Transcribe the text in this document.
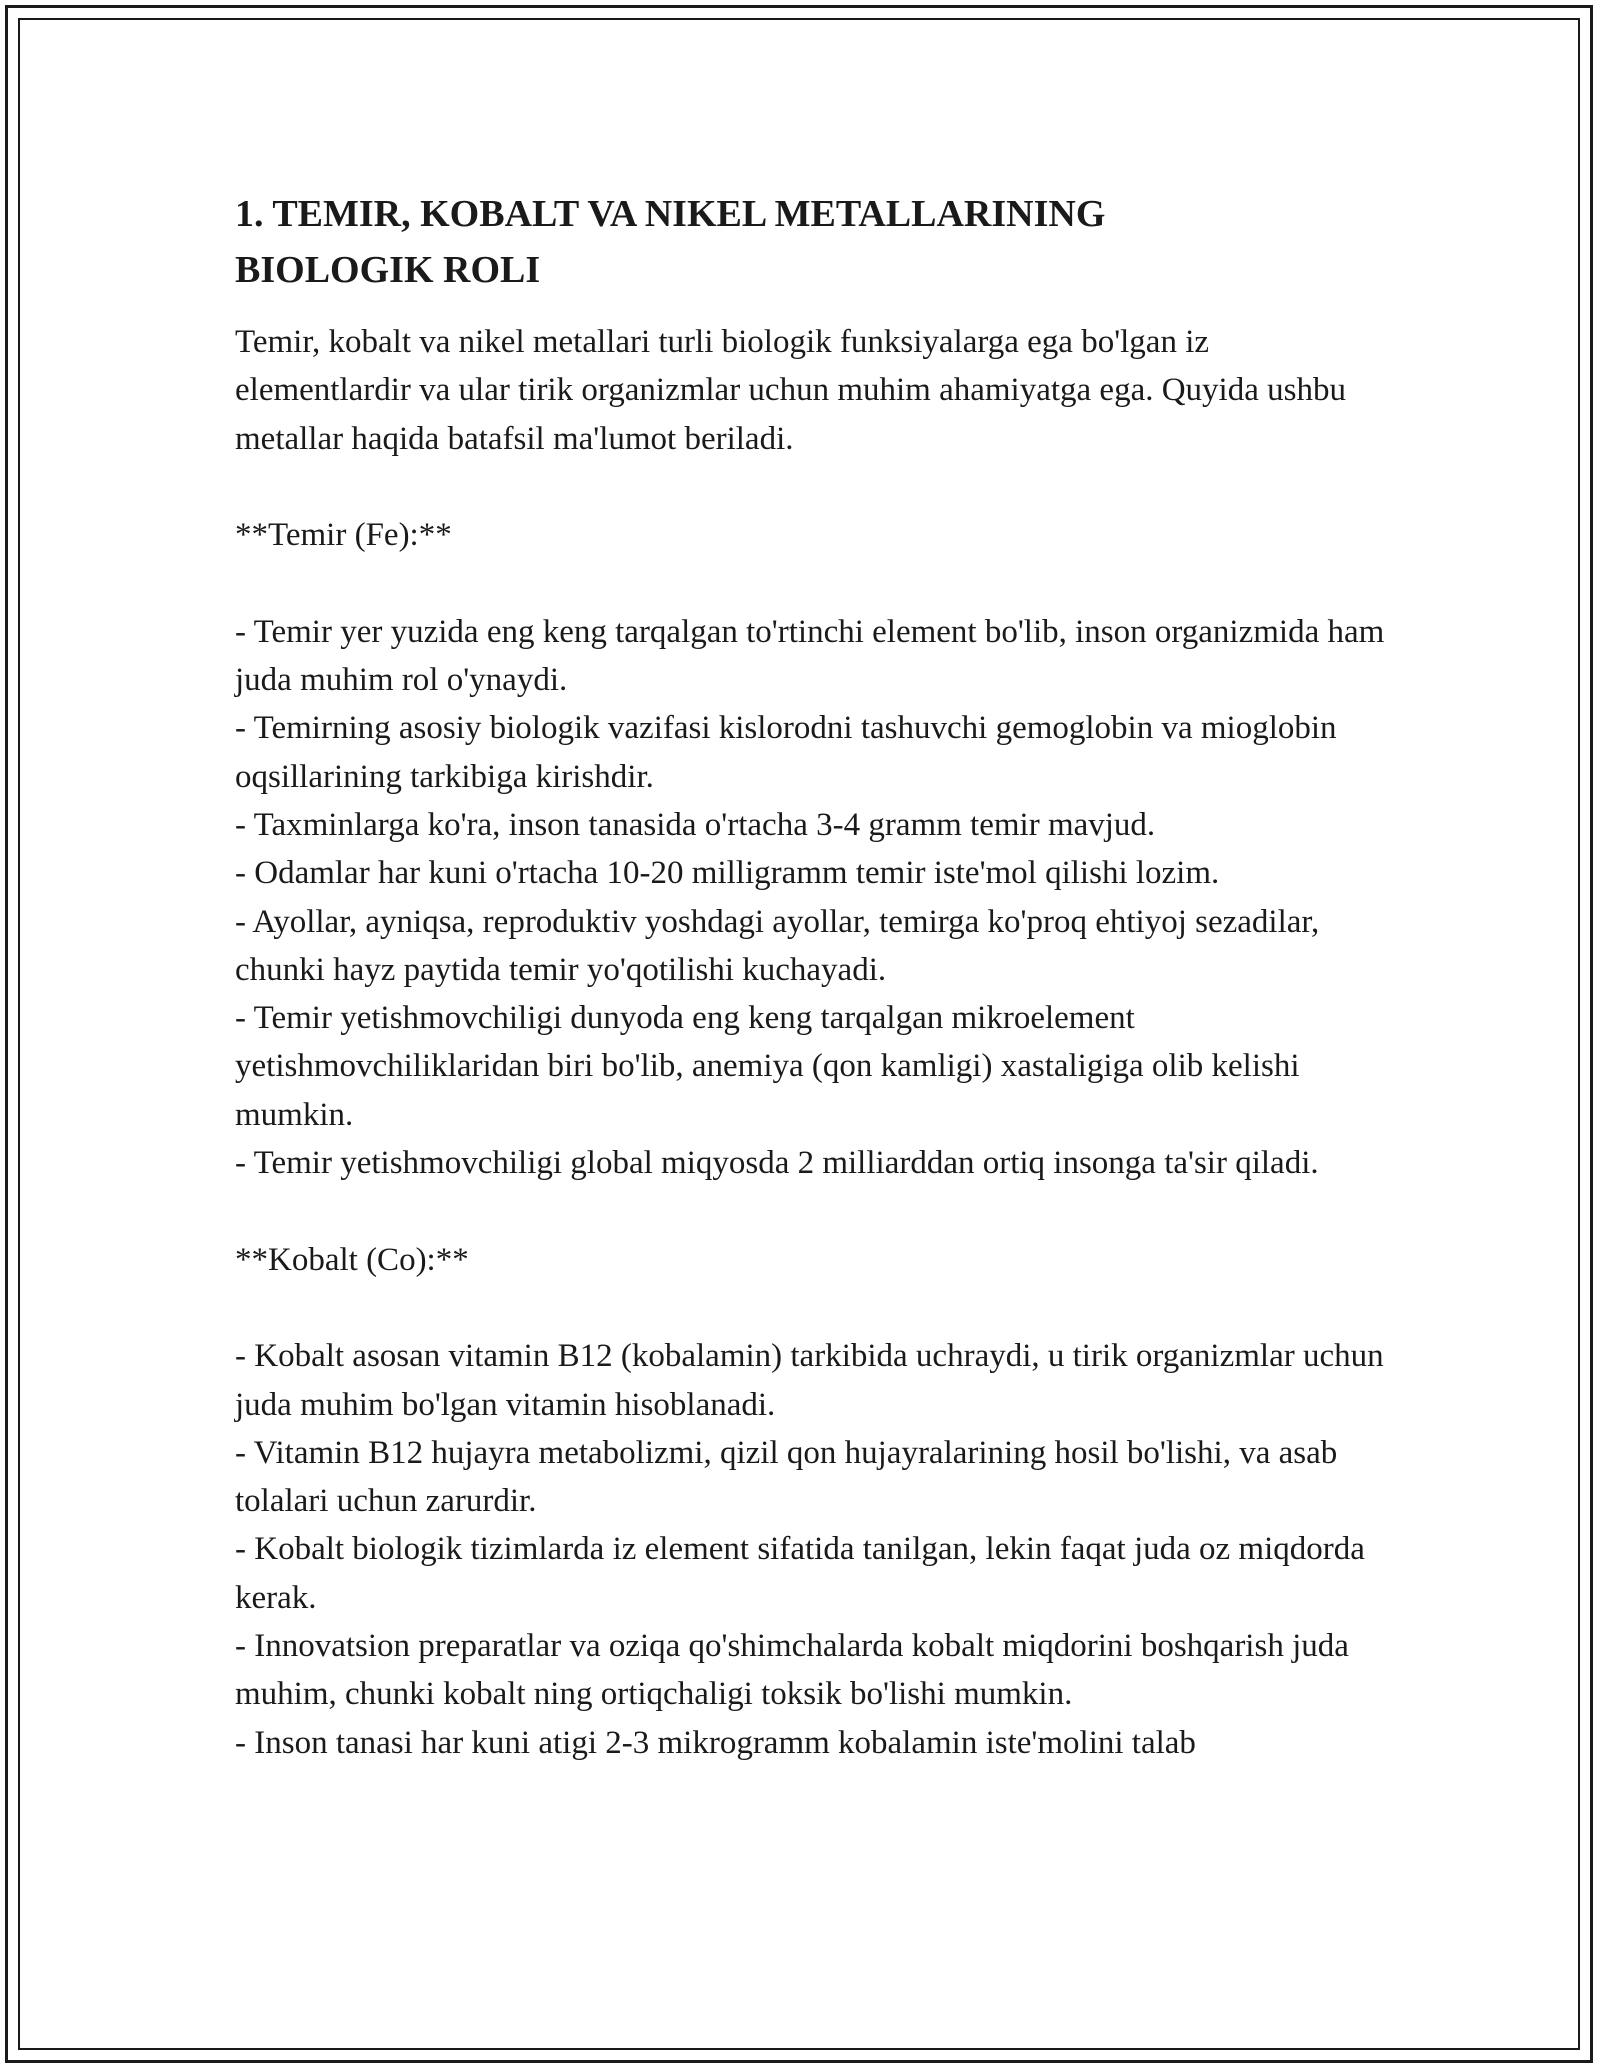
1. TEMIR, KOBALT VA NIKEL METALLARINING BIOLOGIK ROLI

Temir, kobalt va nikel metallari turli biologik funksiyalarga ega bo'lgan iz elementlardir va ular tirik organizmlar uchun muhim ahamiyatga ega. Quyida ushbu metallar haqida batafsil ma'lumot beriladi.

**Temir (Fe):**

- Temir yer yuzida eng keng tarqalgan to'rtinchi element bo'lib, inson organizmida ham juda muhim rol o'ynaydi.

- Temirning asosiy biologik vazifasi kislorodni tashuvchi gemoglobin va mioglobin oqsillarining tarkibiga kirishdir.

- Taxminlarga ko'ra, inson tanasida o'rtacha 3-4 gramm temir mavjud.

- Odamlar har kuni o'rtacha 10-20 milligramm temir iste'mol qilishi lozim.

- Ayollar, ayniqsa, reproduktiv yoshdagi ayollar, temirga ko'proq ehtiyoj sezadilar, chunki hayz paytida temir yo'qotilishi kuchayadi.

- Temir yetishmovchiligi dunyoda eng keng tarqalgan mikroelement yetishmovchiliklaridan biri bo'lib, anemiya (qon kamligi) xastaligiga olib kelishi mumkin.

- Temir yetishmovchiligi global miqyosda 2 milliarddan ortiq insonga ta'sir qiladi.

**Kobalt (Co):**

- Kobalt asosan vitamin B12 (kobalamin) tarkibida uchraydi, u tirik organizmlar uchun juda muhim bo'lgan vitamin hisoblanadi.

- Vitamin B12 hujayra metabolizmi, qizil qon hujayralarining hosil bo'lishi, va asab tolalari uchun zarurdir.

- Kobalt biologik tizimlarda iz element sifatida tanilgan, lekin faqat juda oz miqdorda kerak.

- Innovatsion preparatlar va oziqa qo'shimchalarda kobalt miqdorini boshqarish juda muhim, chunki kobalt ning ortiqchaligi toksik bo'lishi mumkin.

- Inson tanasi har kuni atigi 2-3 mikrogramm kobalamin iste'molini talab
